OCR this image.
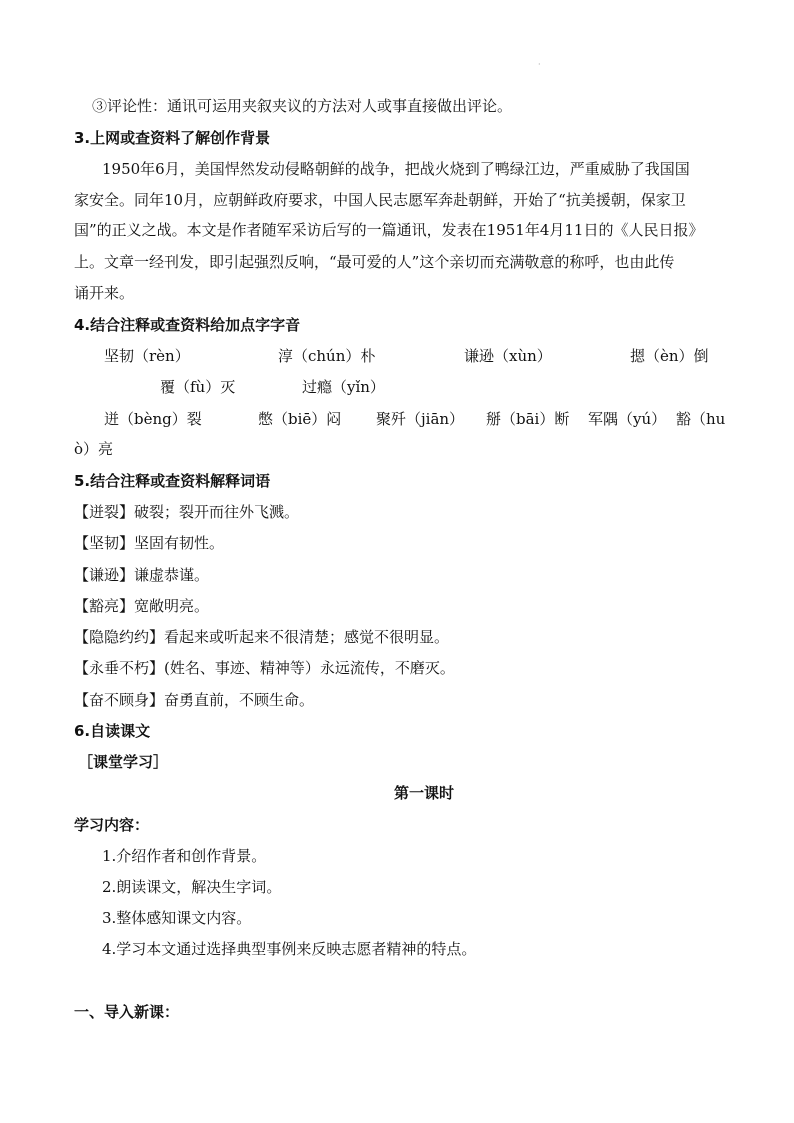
·
③评论性：通讯可运用夹叙夹议的方法对人或事直接做出评论。
3.上网或查资料了解创作背景
1950年6月，美国悍然发动侵略朝鲜的战争，把战火烧到了鸭绿江边，严重威胁了我国国
家安全。同年10月，应朝鲜政府要求，中国人民志愿军奔赴朝鲜，开始了“抗美援朝，保家卫
国”的正义之战。本文是作者随军采访后写的一篇通讯，发表在1951年4月11日的《人民日报》
上。文章一经刊发，即引起强烈反响，“最可爱的人”这个亲切而充满敬意的称呼，也由此传
诵开来。
4.结合注释或查资料给加点字字音
坚韧（rèn）	淳（chún）朴	谦逊（xùn）	摁（èn）倒
覆（fù）灭	过瘾（yǐn）
迸（bèng）裂	憋（biē）闷 聚歼（jiān） 掰（bāi）断 军隅（yú） 豁（hu
ò）亮
5.结合注释或查资料解释词语
【迸裂】破裂；裂开而往外飞溅。
【坚韧】坚固有韧性。
【谦逊】谦虚恭谨。
【豁亮】宽敞明亮。
【隐隐约约】看起来或听起来不很清楚；感觉不很明显。
【永垂不朽】(姓名、事迹、精神等）永远流传，不磨灭。
【奋不顾身】奋勇直前，不顾生命。
6.自读课文
［课堂学习］
第一课时
学习内容：
1.介绍作者和创作背景。
2.朗读课文，解决生字词。
3.整体感知课文内容。
4.学习本文通过选择典型事例来反映志愿者精神的特点。
一、导入新课：
